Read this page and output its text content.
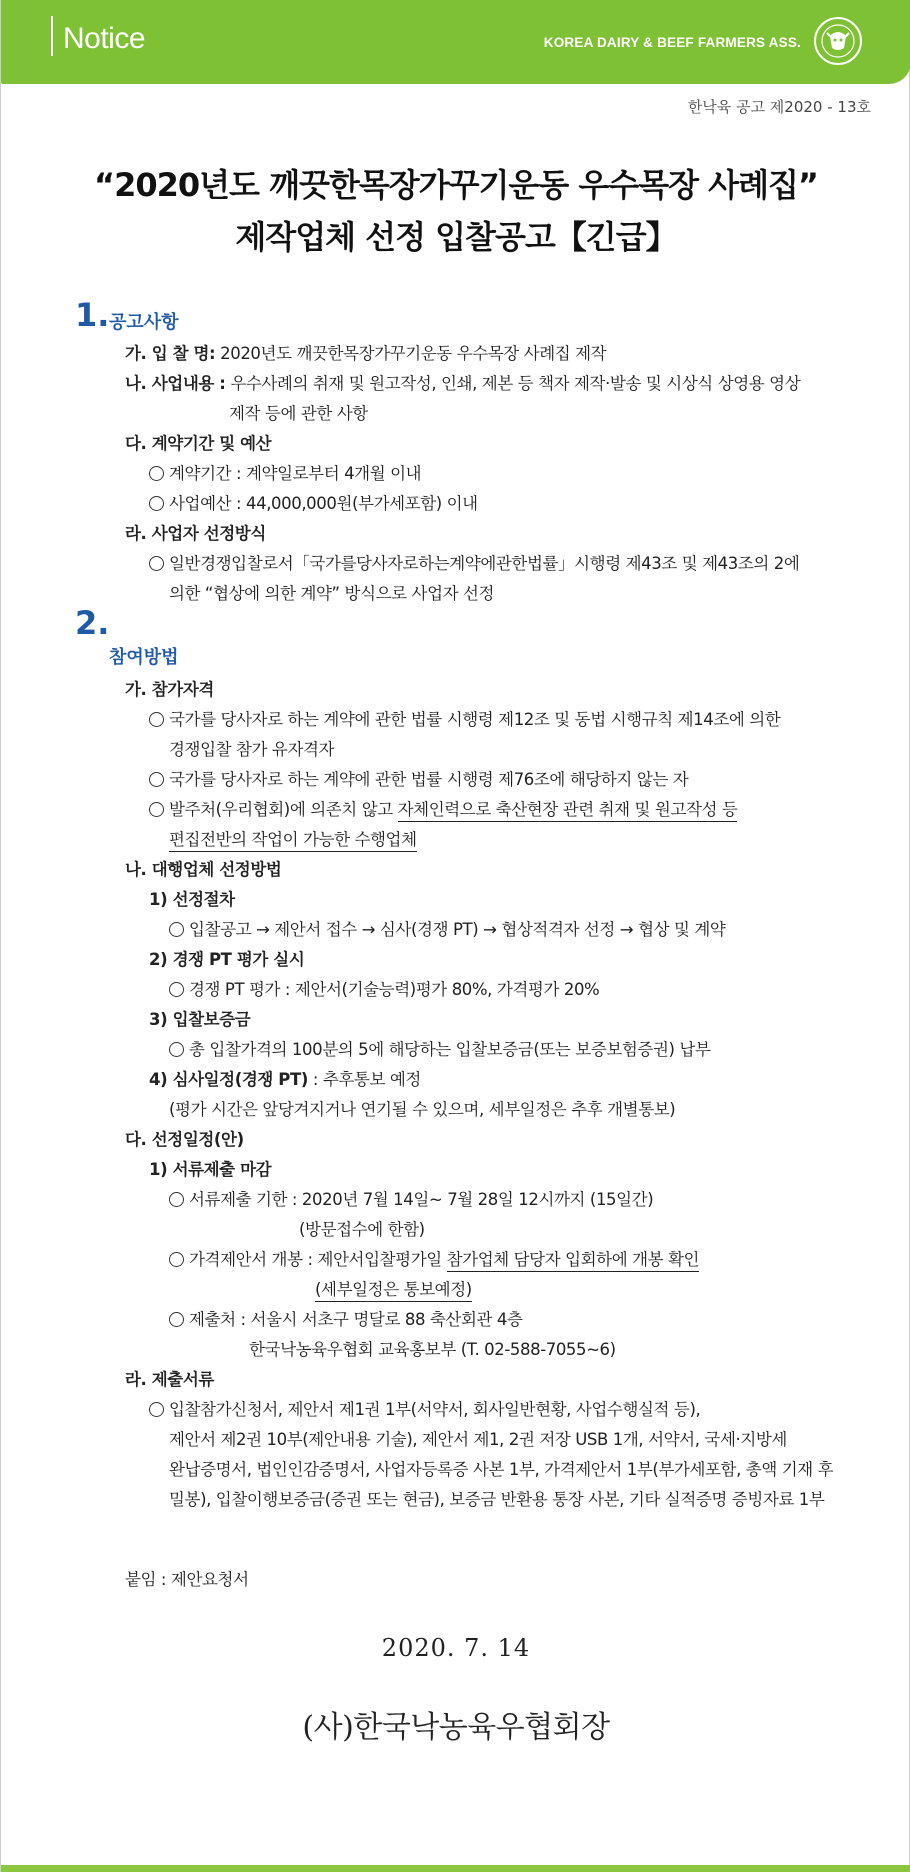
Notice	KOREA DAIRY & BEEF FARMERS ASS.
한낙육 공고 제2020 - 13호
“2020년도 깨끗한목장가꾸기운동 우수목장 사례집”
제작업체 선정 입찰공고【긴급】
1. 공고사항
가. 입 찰 명: 2020년도 깨끗한목장가꾸기운동 우수목장 사례집 제작
나. 사업내용 : 우수사례의 취재 및 원고작성, 인쇄, 제본 등 책자 제작·발송 및 시상식 상영용 영상
제작 등에 관한 사항
다. 계약기간 및 예산
계약기간 : 계약일로부터 4개월 이내
사업예산 : 44,000,000원(부가세포함) 이내
라. 사업자 선정방식
일반경쟁입찰로서「국가를당사자로하는계약에관한법률」시행령 제43조 및 제43조의 2에
의한 “협상에 의한 계약” 방식으로 사업자 선정
2.
참여방법
가. 참가자격
국가를 당사자로 하는 계약에 관한 법률 시행령 제12조 및 동법 시행규칙 제14조에 의한
경쟁입찰 참가 유자격자
국가를 당사자로 하는 계약에 관한 법률 시행령 제76조에 해당하지 않는 자
발주처(우리협회)에 의존치 않고 자체인력으로 축산현장 관련 취재 및 원고작성 등
편집전반의 작업이 가능한 수행업체
나. 대행업체 선정방법
1) 선정절차
입찰공고 → 제안서 접수 → 심사(경쟁 PT) → 협상적격자 선정 → 협상 및 계약
2) 경쟁 PT 평가 실시
경쟁 PT 평가 : 제안서(기술능력)평가 80%, 가격평가 20%
3) 입찰보증금
총 입찰가격의 100분의 5에 해당하는 입찰보증금(또는 보증보험증권) 납부
4) 심사일정(경쟁 PT) : 추후통보 예정
(평가 시간은 앞당겨지거나 연기될 수 있으며, 세부일정은 추후 개별통보)
다. 선정일정(안)
1) 서류제출 마감
서류제출 기한 : 2020년 7월 14일~ 7월 28일 12시까지 (15일간)
(방문접수에 한함)
가격제안서 개봉 : 제안서입찰평가일 참가업체 담당자 입회하에 개봉 확인
(세부일정은 통보예정)
제출처 : 서울시 서초구 명달로 88 축산회관 4층
한국낙농육우협회 교육홍보부 (T. 02-588-7055~6)
라. 제출서류
입찰참가신청서, 제안서 제1권 1부(서약서, 회사일반현황, 사업수행실적 등),
제안서 제2권 10부(제안내용 기술), 제안서 제1, 2권 저장 USB 1개, 서약서, 국세·지방세
완납증명서, 법인인감증명서, 사업자등록증 사본 1부, 가격제안서 1부(부가세포함, 총액 기재 후
밀봉), 입찰이행보증금(증권 또는 현금), 보증금 반환용 통장 사본, 기타 실적증명 증빙자료 1부
붙임 : 제안요청서
2020. 7. 14
(사)한국낙농육우협회장
